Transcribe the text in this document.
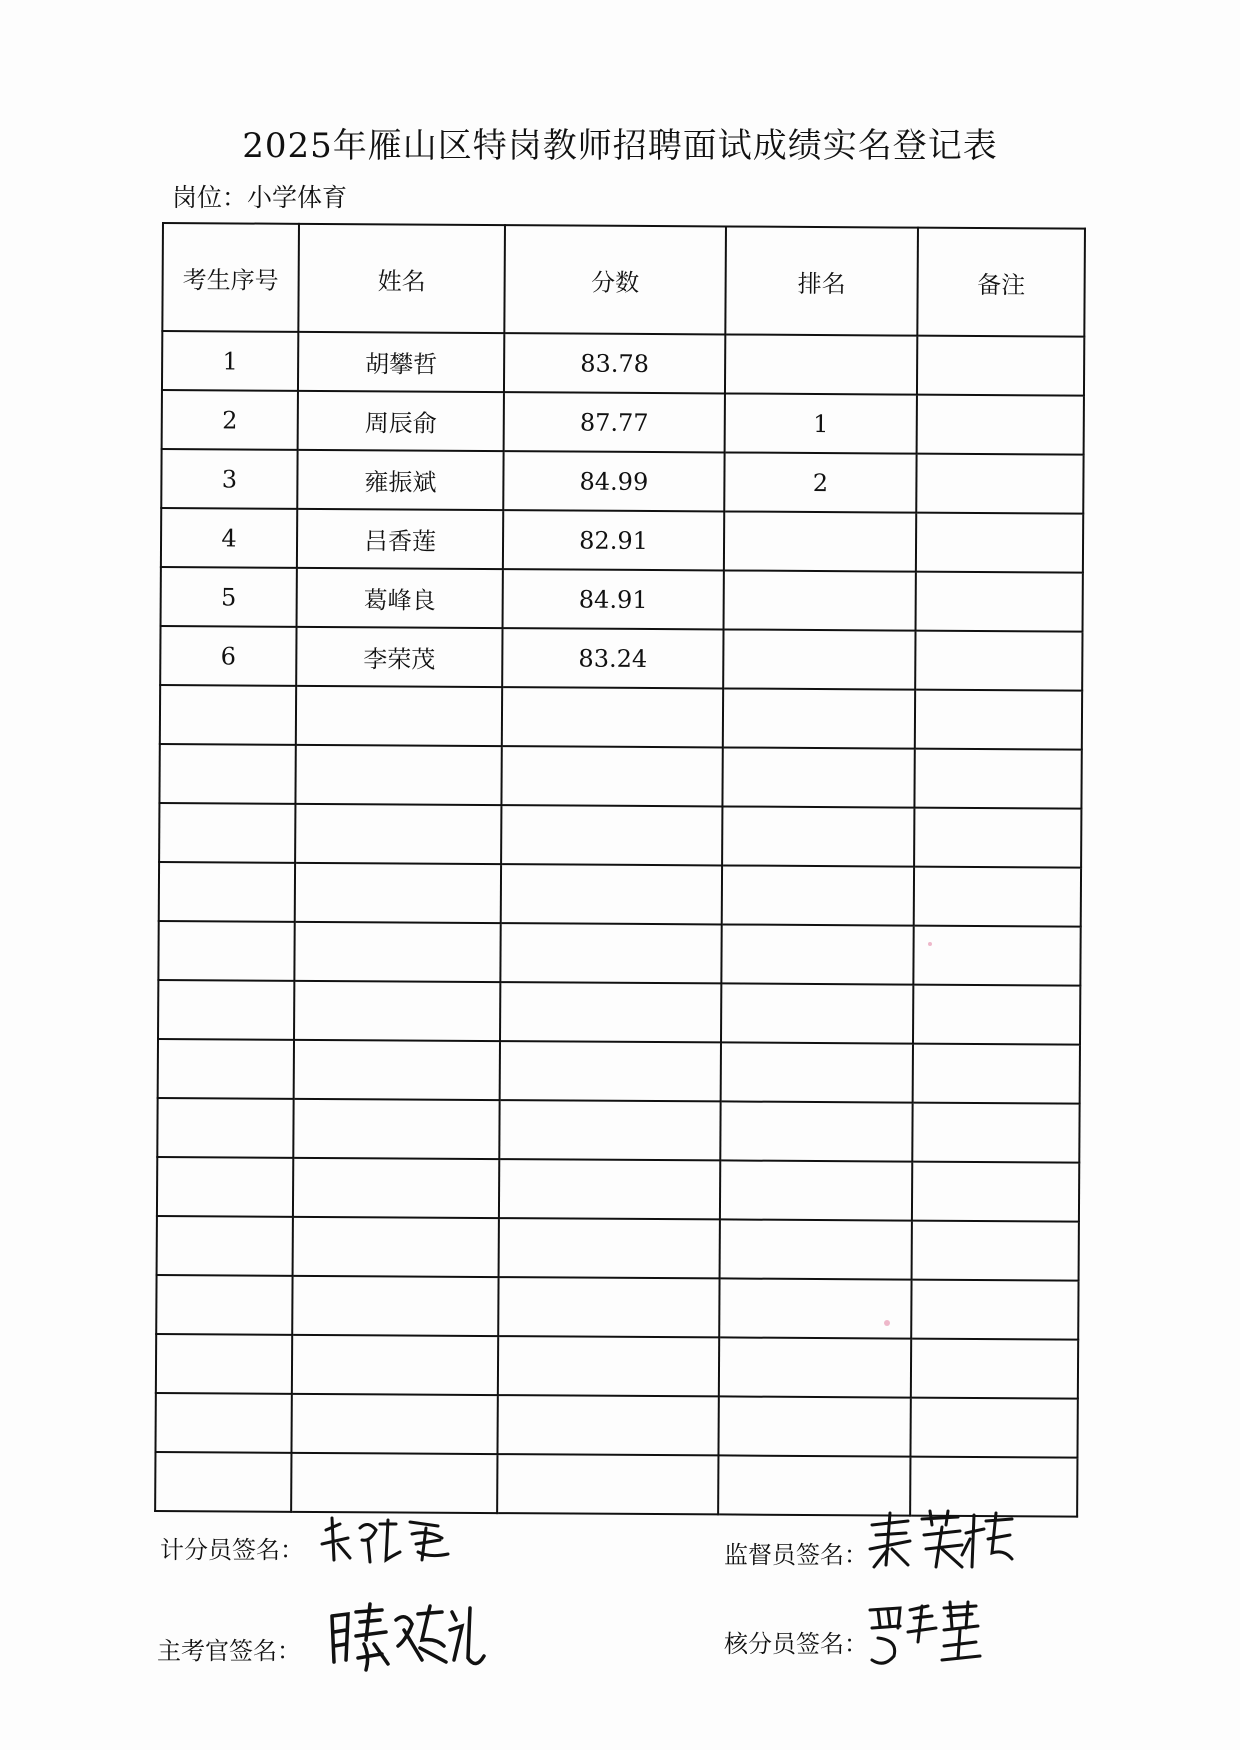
2025年雁山区特岗教师招聘面试成绩实名登记表
岗位：小学体育
考生序号	姓名	分数	排名	备注
1	胡攀哲	83.78		
2	周辰俞	87.77	1	
3	雍振斌	84.99	2	
4	吕香莲	82.91		
5	葛峰良	84.91		
6	李荣茂	83.24		

计分员签名：	监督员签名：
主考官签名：	核分员签名：
